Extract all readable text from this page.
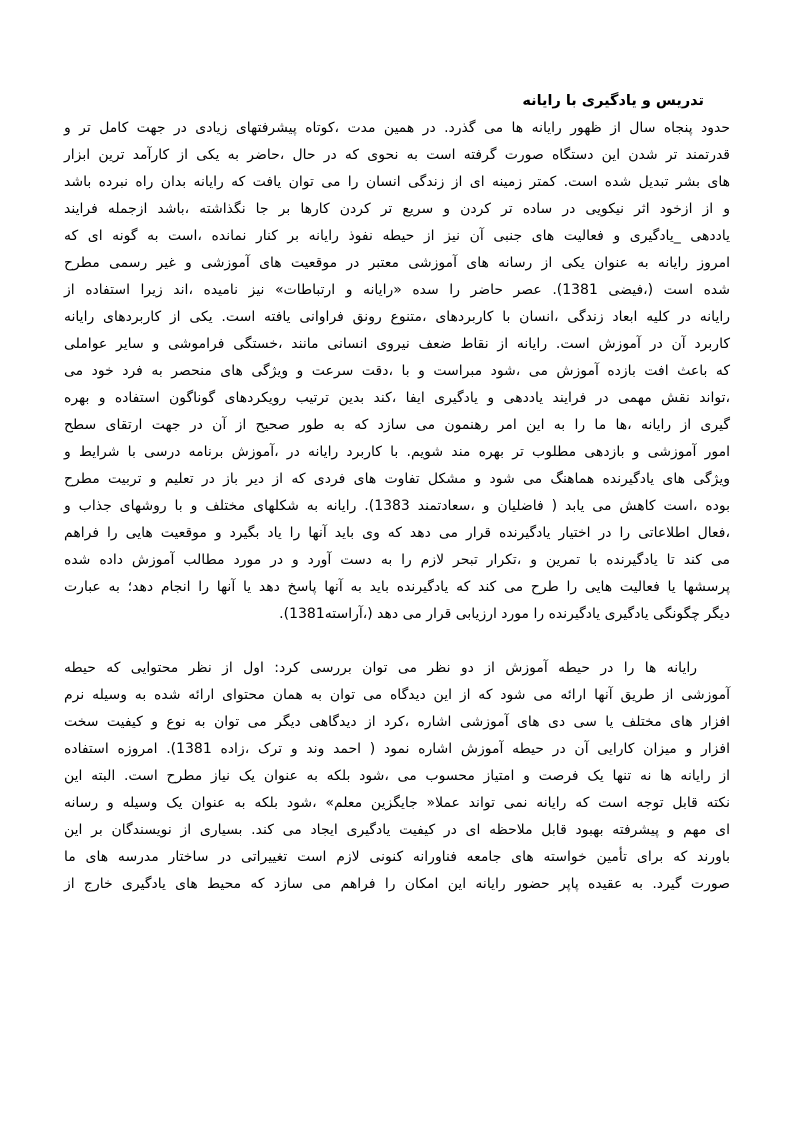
تدريس و يادگيری با رايانه
حدود پنجاه سال از ظهور رايانه ها می گذرد. در همين مدت ،کوتاه پيشرفتهای زيادی در جهت کامل تر و
قدرتمند تر شدن اين دستگاه صورت گرفته است به نحوی که در حال ،حاضر به يکی از کارآمد ترين ابزار
های بشر تبديل شده است. کمتر زمينه ای از زندگی انسان را می توان يافت که رايانه بدان راه نبرده باشد
و از ازخود اثر نيکويی در ساده تر کردن و سريع تر کردن کارها بر جا نگذاشته ،باشد ازجمله فرايند
ياددهی _يادگيری و فعاليت های جنبی آن نيز از حيطه نفوذ رايانه بر کنار نمانده ،است به گونه ای که
امروز رايانه به عنوان يکی از رسانه های آموزشی معتبر در موقعيت های آموزشی و غير رسمی مطرح
شده است (،فيضی 1381). عصر حاضر را سده «رايانه و ارتباطات» نيز ناميده ،اند زيرا استفاده از
رايانه در کليه ابعاد زندگی ،انسان با کاربردهای ،متنوع رونق فراوانی يافته است. يکی از کاربردهای رايانه
کاربرد آن در آموزش است. رايانه از نقاط ضعف نيروی انسانی مانند ،خستگی فراموشی و ساير عواملی
که باعث افت بازده آموزش می ،شود مبراست و با ،دقت سرعت و ويژگی های منحصر به فرد خود می
،تواند نقش مهمی در فرايند ياددهی و يادگيری ايفا ،کند بدين ترتيب رويکردهای گوناگون استفاده و بهره
گيری از رايانه ،ها ما را به اين امر رهنمون می سازد که به طور صحيح از آن در جهت ارتقای سطح
امور آموزشی و بازدهی مطلوب تر بهره مند شويم. با کاربرد رايانه در ،آموزش برنامه درسی با شرايط و
ويژگی های يادگيرنده هماهنگ می شود و مشکل تفاوت های فردی که از دير باز در تعليم و تربيت مطرح
بوده ،است کاهش می يابد ( فاضليان و ،سعادتمند 1383). رايانه به شکلهای مختلف و با روشهای جذاب و
،فعال اطلاعاتی را در اختيار يادگيرنده قرار می دهد که وی بايد آنها را ياد بگيرد و موقعيت هايی را فراهم
می کند تا يادگيرنده با تمرين و ،تکرار تبحر لازم را به دست آورد و در مورد مطالب آموزش داده شده
پرسشها يا فعاليت هايی را طرح می کند که يادگيرنده بايد به آنها پاسخ دهد يا آنها را انجام دهد؛ به عبارت
ديگر چگونگی يادگيری يادگيرنده را مورد ارزيابی قرار می دهد (،آراسته1381).
رايانه ها را در حيطه آموزش از دو نظر می توان بررسی کرد: اول از نظر محتوايی که حيطه
آموزشی از طريق آنها ارائه می شود که از اين ديدگاه می توان به همان محتوای ارائه شده به وسيله نرم
افزار های مختلف يا سی دی های آموزشی اشاره ،کرد از ديدگاهی ديگر می توان به نوع و کيفيت سخت
افزار و ميزان کارايی آن در حيطه آموزش اشاره نمود ( احمد وند و ترک ،زاده 1381). امروزه استفاده
از رايانه ها نه تنها يک فرصت و امتياز محسوب می ،شود بلکه به عنوان يک نياز مطرح است. البته اين
نکته قابل توجه است که رايانه نمی تواند عملا« جايگزين معلم» ،شود بلکه به عنوان يک وسيله و رسانه
ای مهم و پيشرفته بهبود قابل ملاحظه ای در کيفيت يادگيری ايجاد می کند. بسياری از نويسندگان بر اين
باورند که برای تأمين خواسته های جامعه فناورانه کنونی لازم است تغييراتی در ساختار مدرسه های ما
صورت گيرد. به عقيده پاپر حضور رايانه اين امکان را فراهم می سازد که محيط های يادگيری خارج از
